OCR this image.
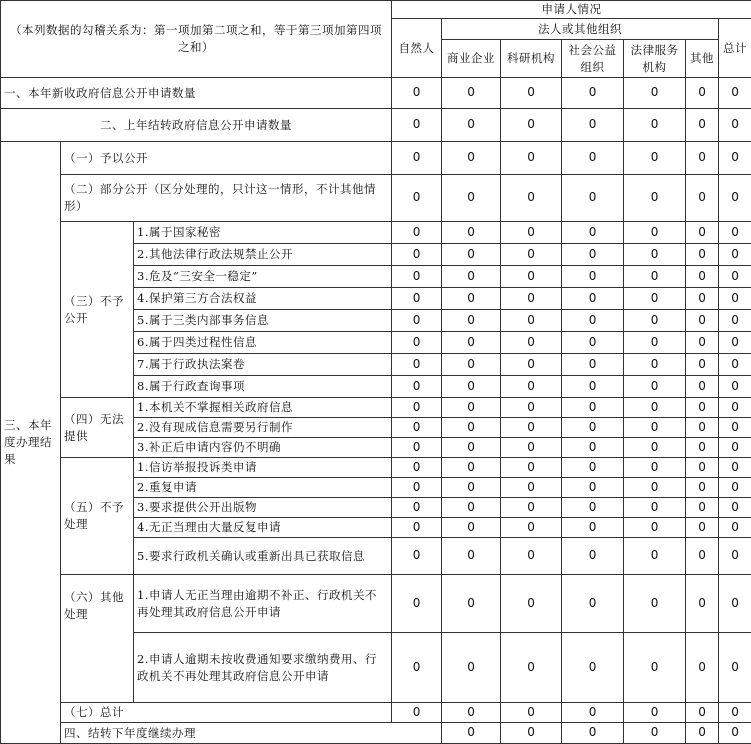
（本列数据的勾稽关系为：第一项加第二项之和，等于第三项加第四项之和）			申请人情况							
			自然人	法人或其他组织					总计	
				商业企业	科研机构	社会公益组织	法律服务机构	其他		
一、本年新收政府信息公开申请数量			0	0	0	0	0	0	0	
二、上年结转政府信息公开申请数量			0	0	0	0	0	0	0	
三、本年度办理结果	（一）予以公开		0	0	0	0	0	0	0	
	（二）部分公开（区分处理的，只计这一情形，不计其他情形）		0	0	0	0	0	0	0	
	（三）不予公开	1.属于国家秘密	0	0	0	0	0	0	0	
		2.其他法律行政法规禁止公开	0	0	0	0	0	0	0	
		3.危及“三安全一稳定”	0	0	0	0	0	0	0	
		4.保护第三方合法权益	0	0	0	0	0	0	0	
		5.属于三类内部事务信息	0	0	0	0	0	0	0	
		6.属于四类过程性信息	0	0	0	0	0	0	0	
		7.属于行政执法案卷	0	0	0	0	0	0	0	
		8.属于行政查询事项	0	0	0	0	0	0	0	
	（四）无法提供	1.本机关不掌握相关政府信息	0	0	0	0	0	0	0	
		2.没有现成信息需要另行制作	0	0	0	0	0	0	0	
		3.补正后申请内容仍不明确	0	0	0	0	0	0	0	
	（五）不予处理	1.信访举报投诉类申请	0	0	0	0	0	0	0	
		2.重复申请	0	0	0	0	0	0	0	
		3.要求提供公开出版物	0	0	0	0	0	0	0	
		4.无正当理由大量反复申请	0	0	0	0	0	0	0	
		5.要求行政机关确认或重新出具已获取信息	0	0	0	0	0	0	0	
	（六）其他处理	1.申请人无正当理由逾期不补正、行政机关不再处理其政府信息公开申请	0	0	0	0	0	0	0	
		2.申请人逾期未按收费通知要求缴纳费用、行政机关不再处理其政府信息公开申请	0	0	0	0	0	0	0	
	（七）总计		0	0	0	0	0	0	0	
	四、结转下年度继续办理			0	0	0	0	0	0	
